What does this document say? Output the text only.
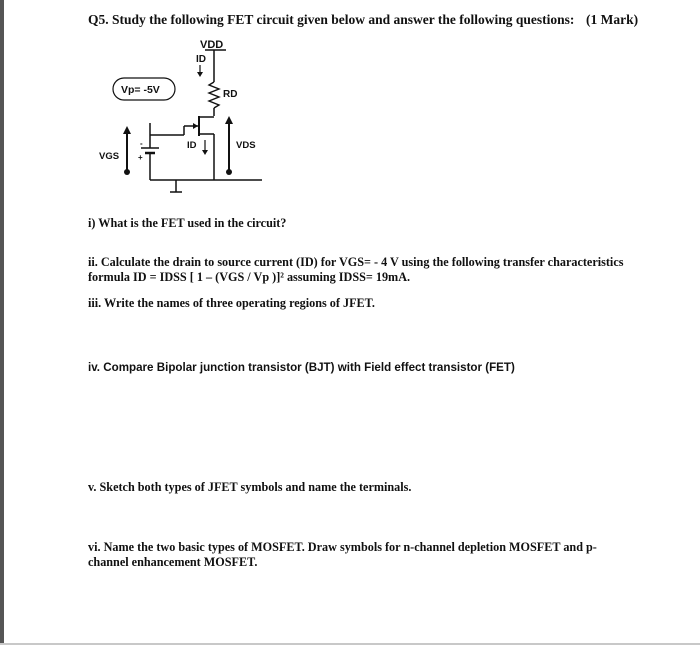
Q5. Study the following FET circuit given below and answer the following questions: (1 Mark)
VDD
ID
RD
Vp= -5V
-
+
VGS
ID	VDS
i) What is the FET used in the circuit?
ii. Calculate the drain to source current (ID) for VGS= - 4 V using the following transfer characteristics
formula ID = IDSS [ 1 – (VGS / Vp )]² assuming IDSS= 19mA.
iii. Write the names of three operating regions of JFET.
iv. Compare Bipolar junction transistor (BJT) with Field effect transistor (FET)
v. Sketch both types of JFET symbols and name the terminals.
vi. Name the two basic types of MOSFET. Draw symbols for n-channel depletion MOSFET and p-
channel enhancement MOSFET.
